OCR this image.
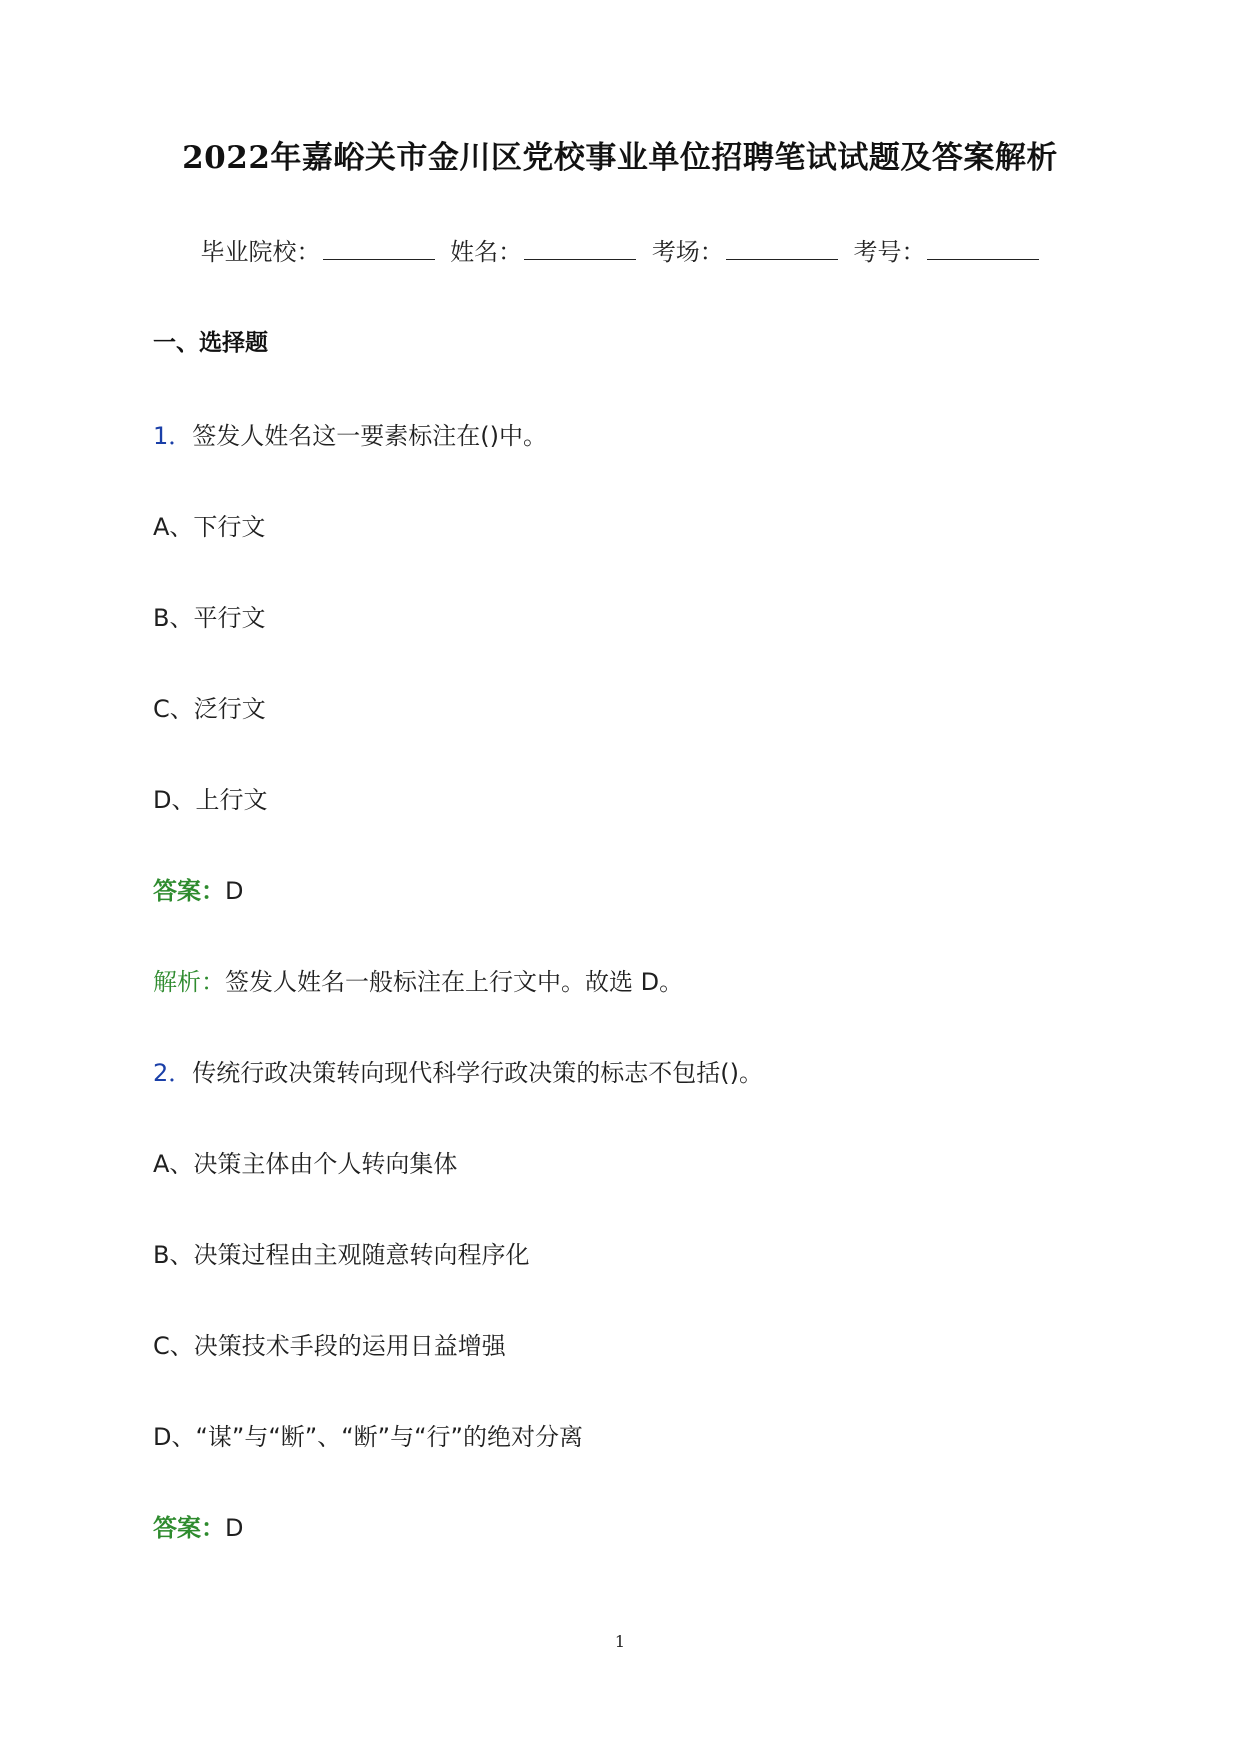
2022年嘉峪关市金川区党校事业单位招聘笔试试题及答案解析
毕业院校：	姓名：	考场：	考号：
一、选择题
1．签发人姓名这一要素标注在()中。
A、下行文
B、平行文
C、泛行文
D、上行文
答案：D
解析：签发人姓名一般标注在上行文中。故选 D。
2．传统行政决策转向现代科学行政决策的标志不包括()。
A、决策主体由个人转向集体
B、决策过程由主观随意转向程序化
C、决策技术手段的运用日益增强
D、“谋”与“断”、“断”与“行”的绝对分离
答案：D
1
